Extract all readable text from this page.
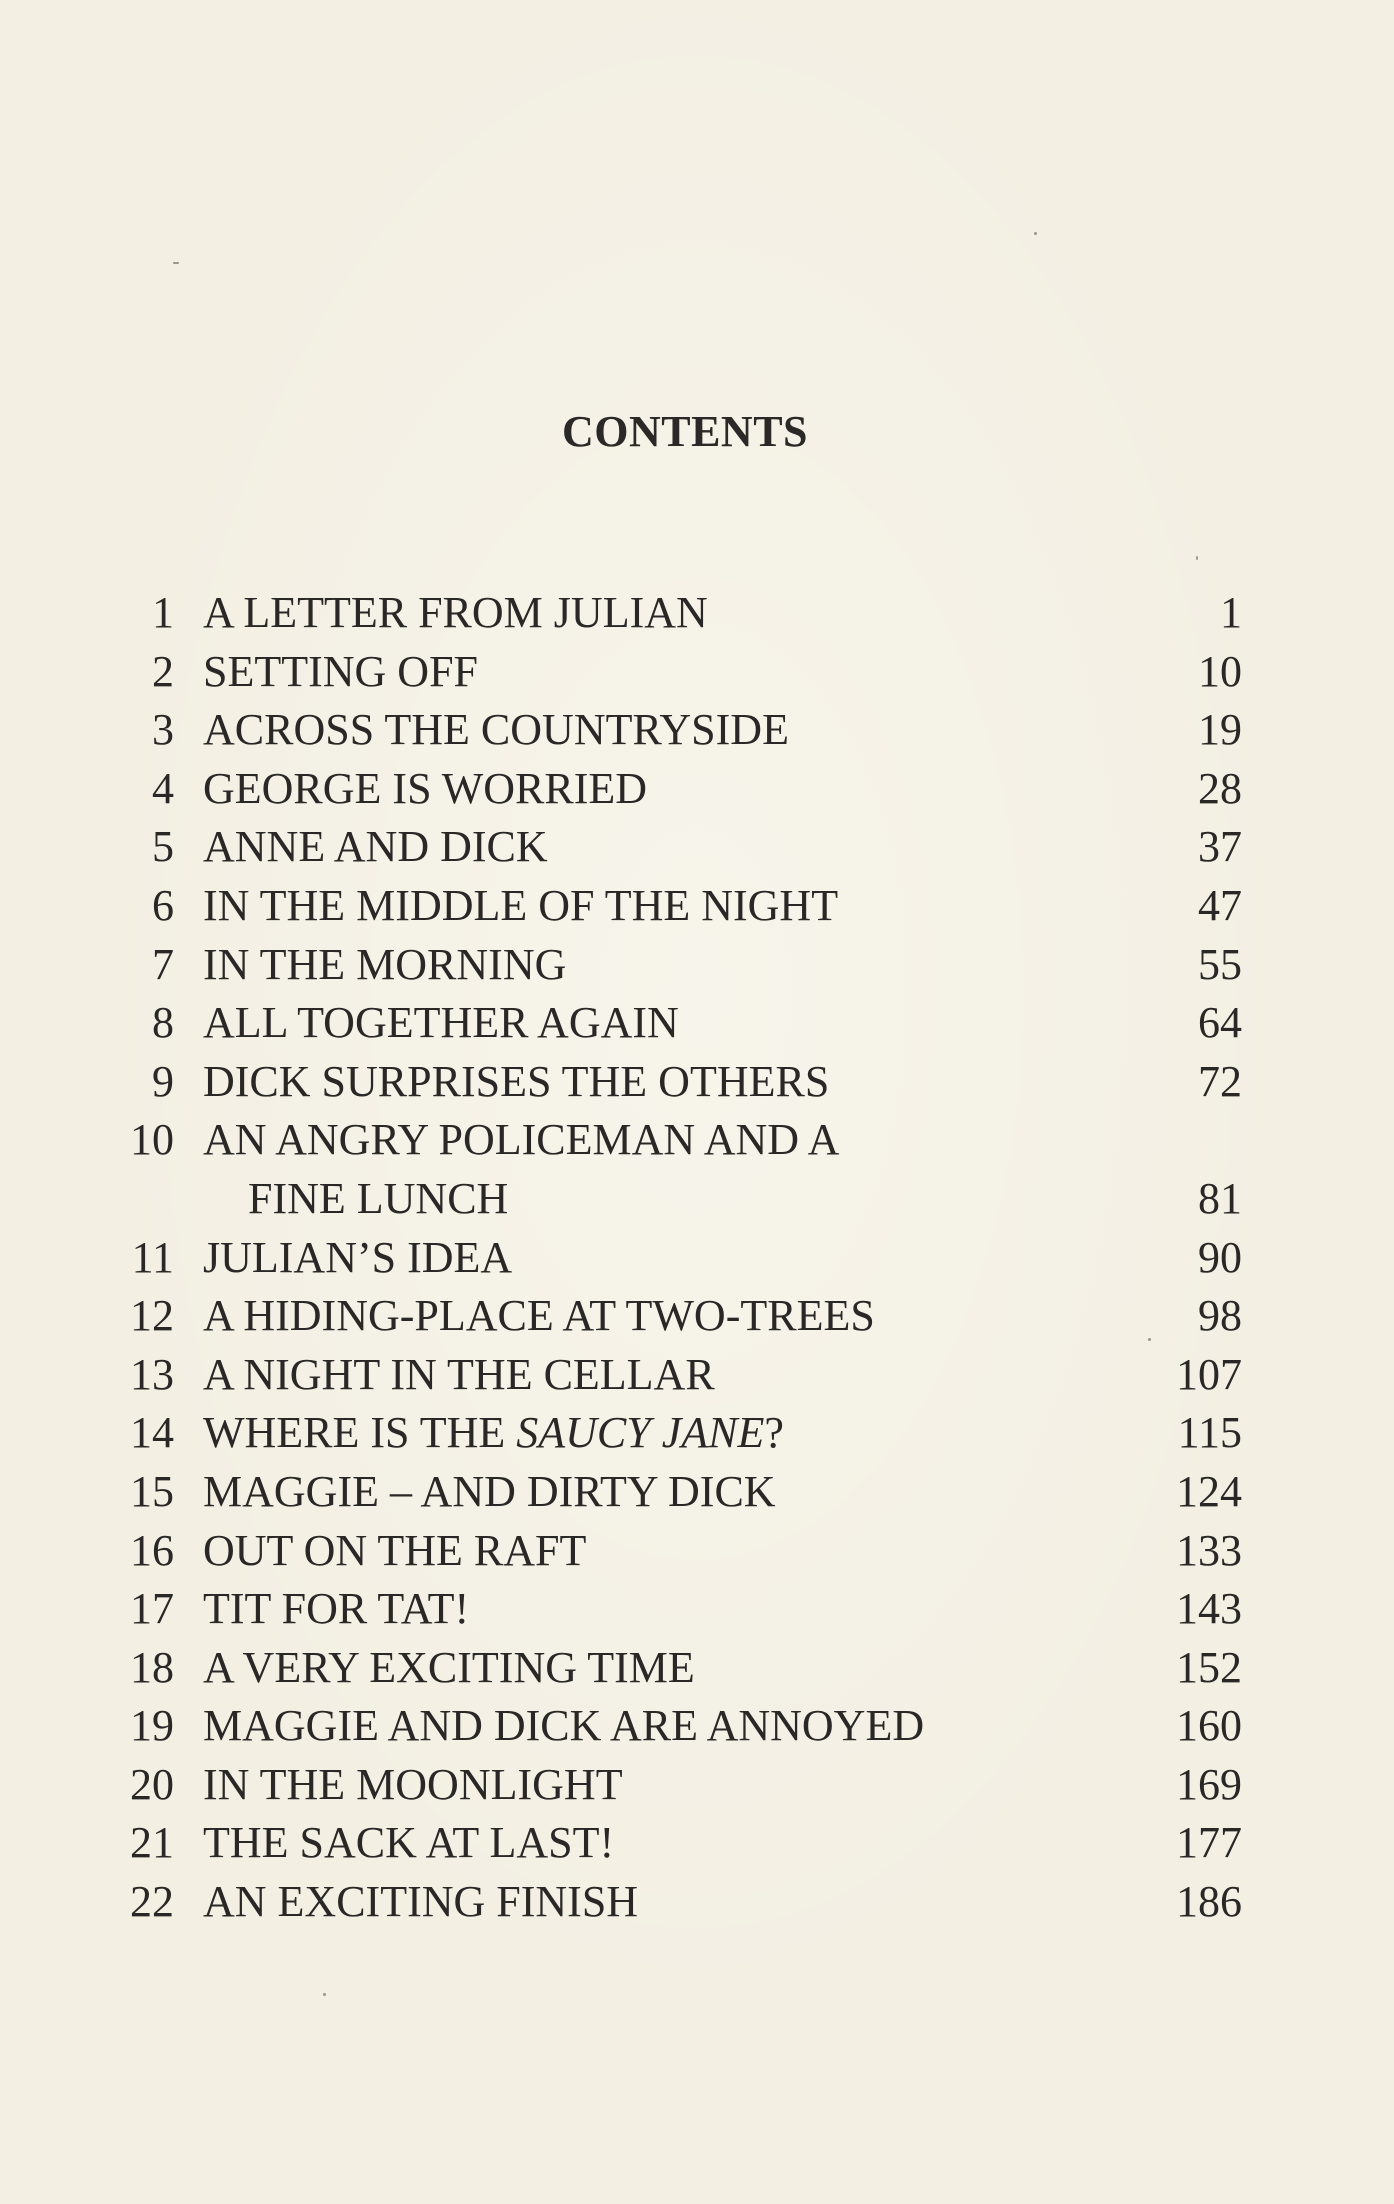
CONTENTS
1 A LETTER FROM JULIAN	1
2 SETTING OFF	10
3 ACROSS THE COUNTRYSIDE	19
4 GEORGE IS WORRIED	28
5 ANNE AND DICK	37
6 IN THE MIDDLE OF THE NIGHT	47
7 IN THE MORNING	55
8 ALL TOGETHER AGAIN	64
9 DICK SURPRISES THE OTHERS	72
10 AN ANGRY POLICEMAN AND A
FINE LUNCH	81
11 JULIAN’S IDEA	90
12 A HIDING-PLACE AT TWO-TREES	98
13 A NIGHT IN THE CELLAR	107
14 WHERE IS THE SAUCY JANE?	115
15 MAGGIE – AND DIRTY DICK	124
16 OUT ON THE RAFT	133
17 TIT FOR TAT!	143
18 A VERY EXCITING TIME	152
19 MAGGIE AND DICK ARE ANNOYED	160
20 IN THE MOONLIGHT	169
21 THE SACK AT LAST!	177
22 AN EXCITING FINISH	186
